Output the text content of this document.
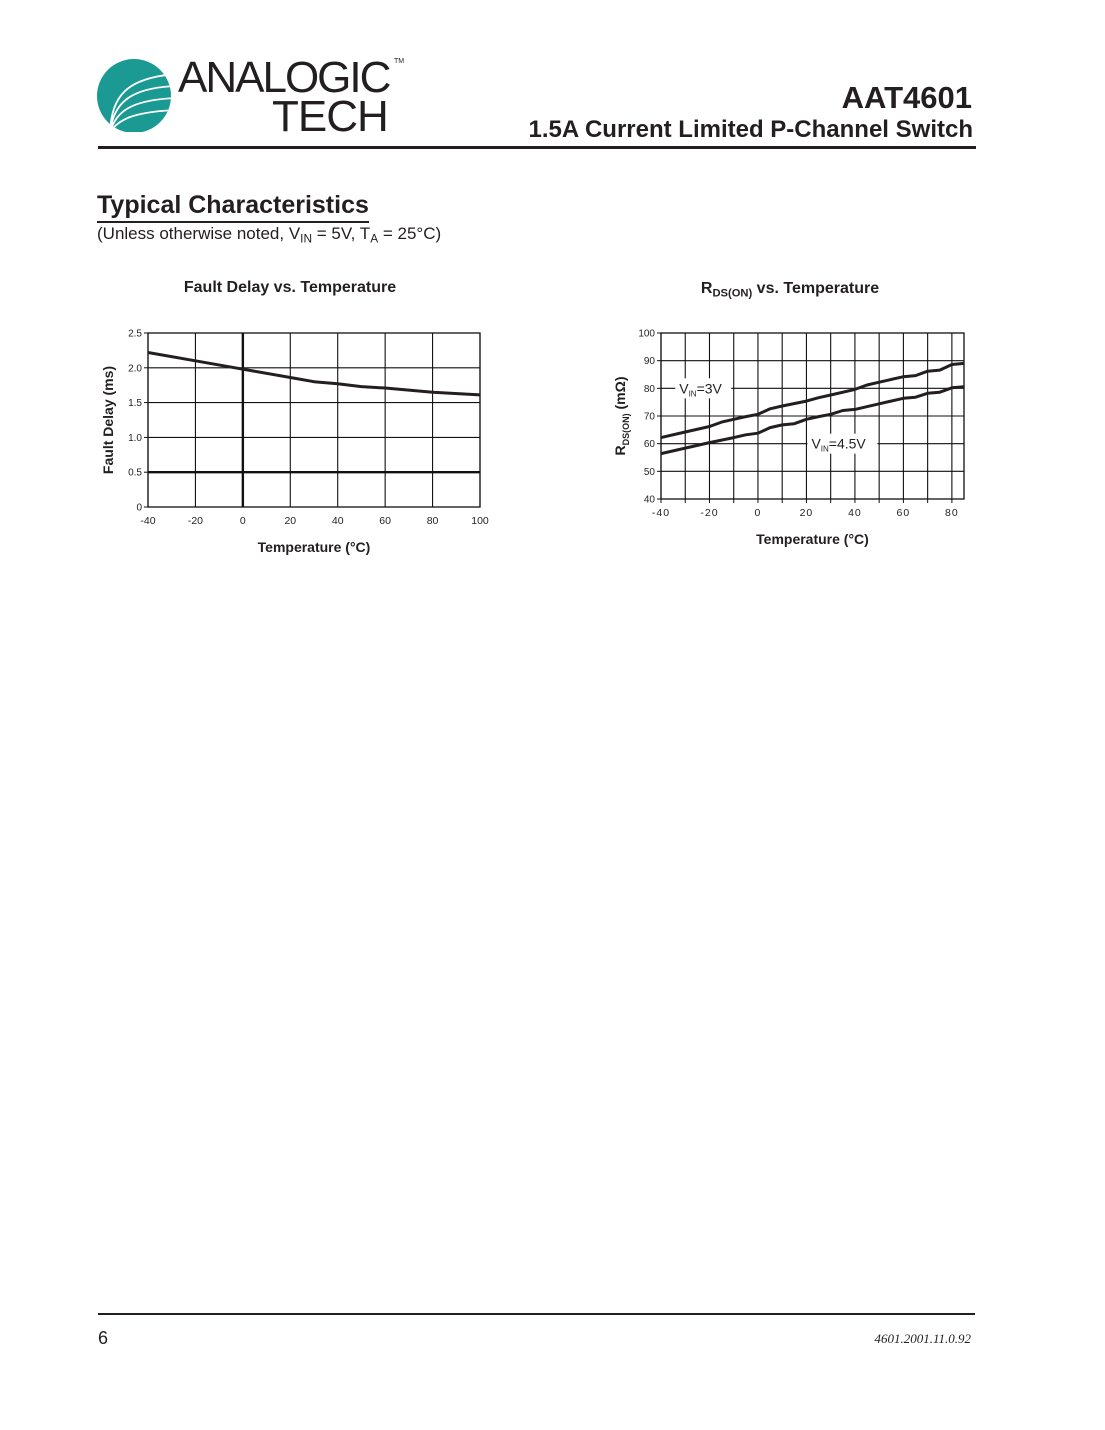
ANALOGIC
TECH
TM
AAT4601
1.5A Current Limited P-Channel Switch
Typical Characteristics
(Unless otherwise noted, $V_{IN} = 5V$, $T_A = 25^\circ C$)
Fault Delay vs. Temperature
0
0.5
1.0
1.5
2.0
2.5
-40	-20	0	20	40	60	80	100
Temperature (°C)
Fault Delay (ms)
$R_{DS(ON)}$ vs. Temperature
40
50
60
70
80
90
100
-40	-20	0	20	40	60	80
$V_{IN}=3V$
$V_{IN}=4.5V$
Temperature (°C)
$R_{DS(ON)}$ (mΩ)
6	4601.2001.11.0.92
